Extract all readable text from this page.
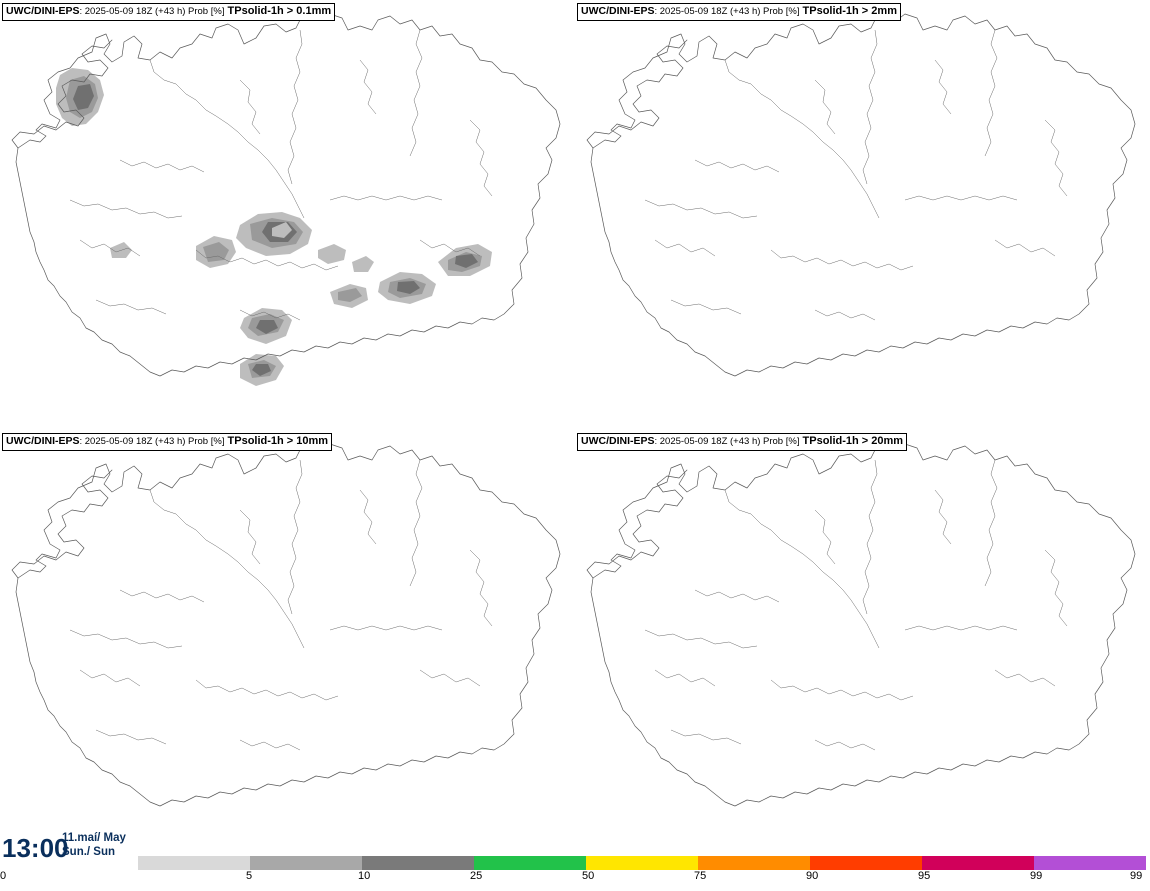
UWC/DINI-EPS: 2025-05-09 18Z (+43 h) Prob [%] TPsolid-1h > 0.1mm	UWC/DINI-EPS: 2025-05-09 18Z (+43 h) Prob [%] TPsolid-1h > 2mm
UWC/DINI-EPS: 2025-05-09 18Z (+43 h) Prob [%] TPsolid-1h > 10mm	UWC/DINI-EPS: 2025-05-09 18Z (+43 h) Prob [%] TPsolid-1h > 20mm
13:00
11.maí/ May
Sun./ Sun
0	5	10	25	50	75	90	95	99	99
